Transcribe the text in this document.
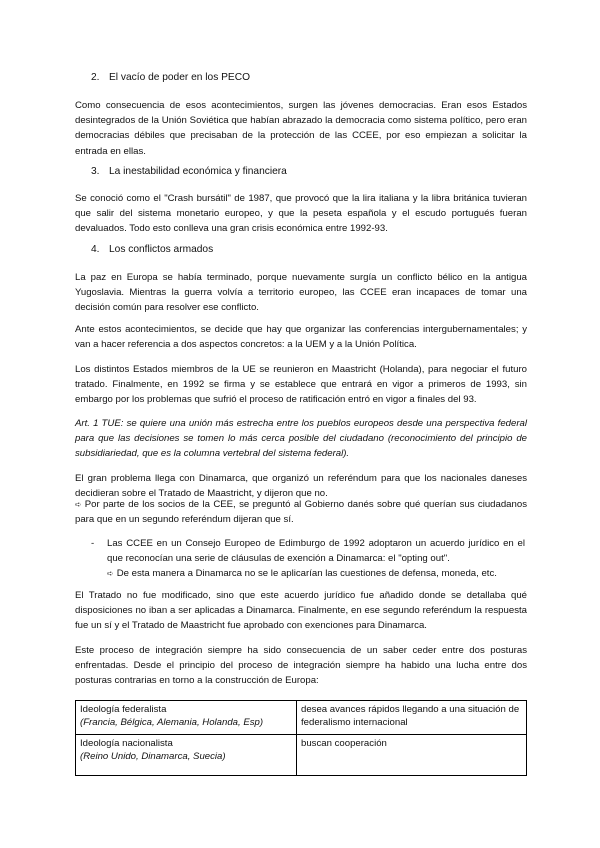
2. El vacío de poder en los PECO

Como consecuencia de esos acontecimientos, surgen las jóvenes democracias. Eran esos Estados desintegrados de la Unión Soviética que habían abrazado la democracia como sistema político, pero eran democracias débiles que precisaban de la protección de las CCEE, por eso empiezan a solicitar la entrada en ellas.

3. La inestabilidad económica y financiera

Se conoció como el "Crash bursátil" de 1987, que provocó que la lira italiana y la libra británica tuvieran que salir del sistema monetario europeo, y que la peseta española y el escudo portugués fueran devaluados. Todo esto conlleva una gran crisis económica entre 1992-93.

4. Los conflictos armados

La paz en Europa se había terminado, porque nuevamente surgía un conflicto bélico en la antigua Yugoslavia. Mientras la guerra volvía a territorio europeo, las CCEE eran incapaces de tomar una decisión común para resolver ese conflicto.

Ante estos acontecimientos, se decide que hay que organizar las conferencias intergubernamentales; y van a hacer referencia a dos aspectos concretos: a la UEM y a la Unión Política.

Los distintos Estados miembros de la UE se reunieron en Maastricht (Holanda), para negociar el futuro tratado. Finalmente, en 1992 se firma y se establece que entrará en vigor a primeros de 1993, sin embargo por los problemas que sufrió el proceso de ratificación entró en vigor a finales del 93.

Art. 1 TUE: se quiere una unión más estrecha entre los pueblos europeos desde una perspectiva federal para que las decisiones se tomen lo más cerca posible del ciudadano (reconocimiento del principio de subsidiariedad, que es la columna vertebral del sistema federal).

El gran problema llega con Dinamarca, que organizó un referéndum para que los nacionales daneses decidieran sobre el Tratado de Maastricht, y dijeron que no.

➪ Por parte de los socios de la CEE, se preguntó al Gobierno danés sobre qué querían sus ciudadanos para que en un segundo referéndum dijeran que sí.

- Las CCEE en un Consejo Europeo de Edimburgo de 1992 adoptaron un acuerdo jurídico en el que reconocían una serie de cláusulas de exención a Dinamarca: el "opting out".

➪ De esta manera a Dinamarca no se le aplicarían las cuestiones de defensa, moneda, etc.

El Tratado no fue modificado, sino que este acuerdo jurídico fue añadido donde se detallaba qué disposiciones no iban a ser aplicadas a Dinamarca. Finalmente, en ese segundo referéndum la respuesta fue un sí y el Tratado de Maastricht fue aprobado con exenciones para Dinamarca.

Este proceso de integración siempre ha sido consecuencia de un saber ceder entre dos posturas enfrentadas. Desde el principio del proceso de integración siempre ha habido una lucha entre dos posturas contrarias en torno a la construcción de Europa:

Ideología federalista
(Francia, Bélgica, Alemania, Holanda, Esp)	desea avances rápidos llegando a una situación de federalismo internacional
Ideología nacionalista
(Reino Unido, Dinamarca, Suecia)	buscan cooperación
